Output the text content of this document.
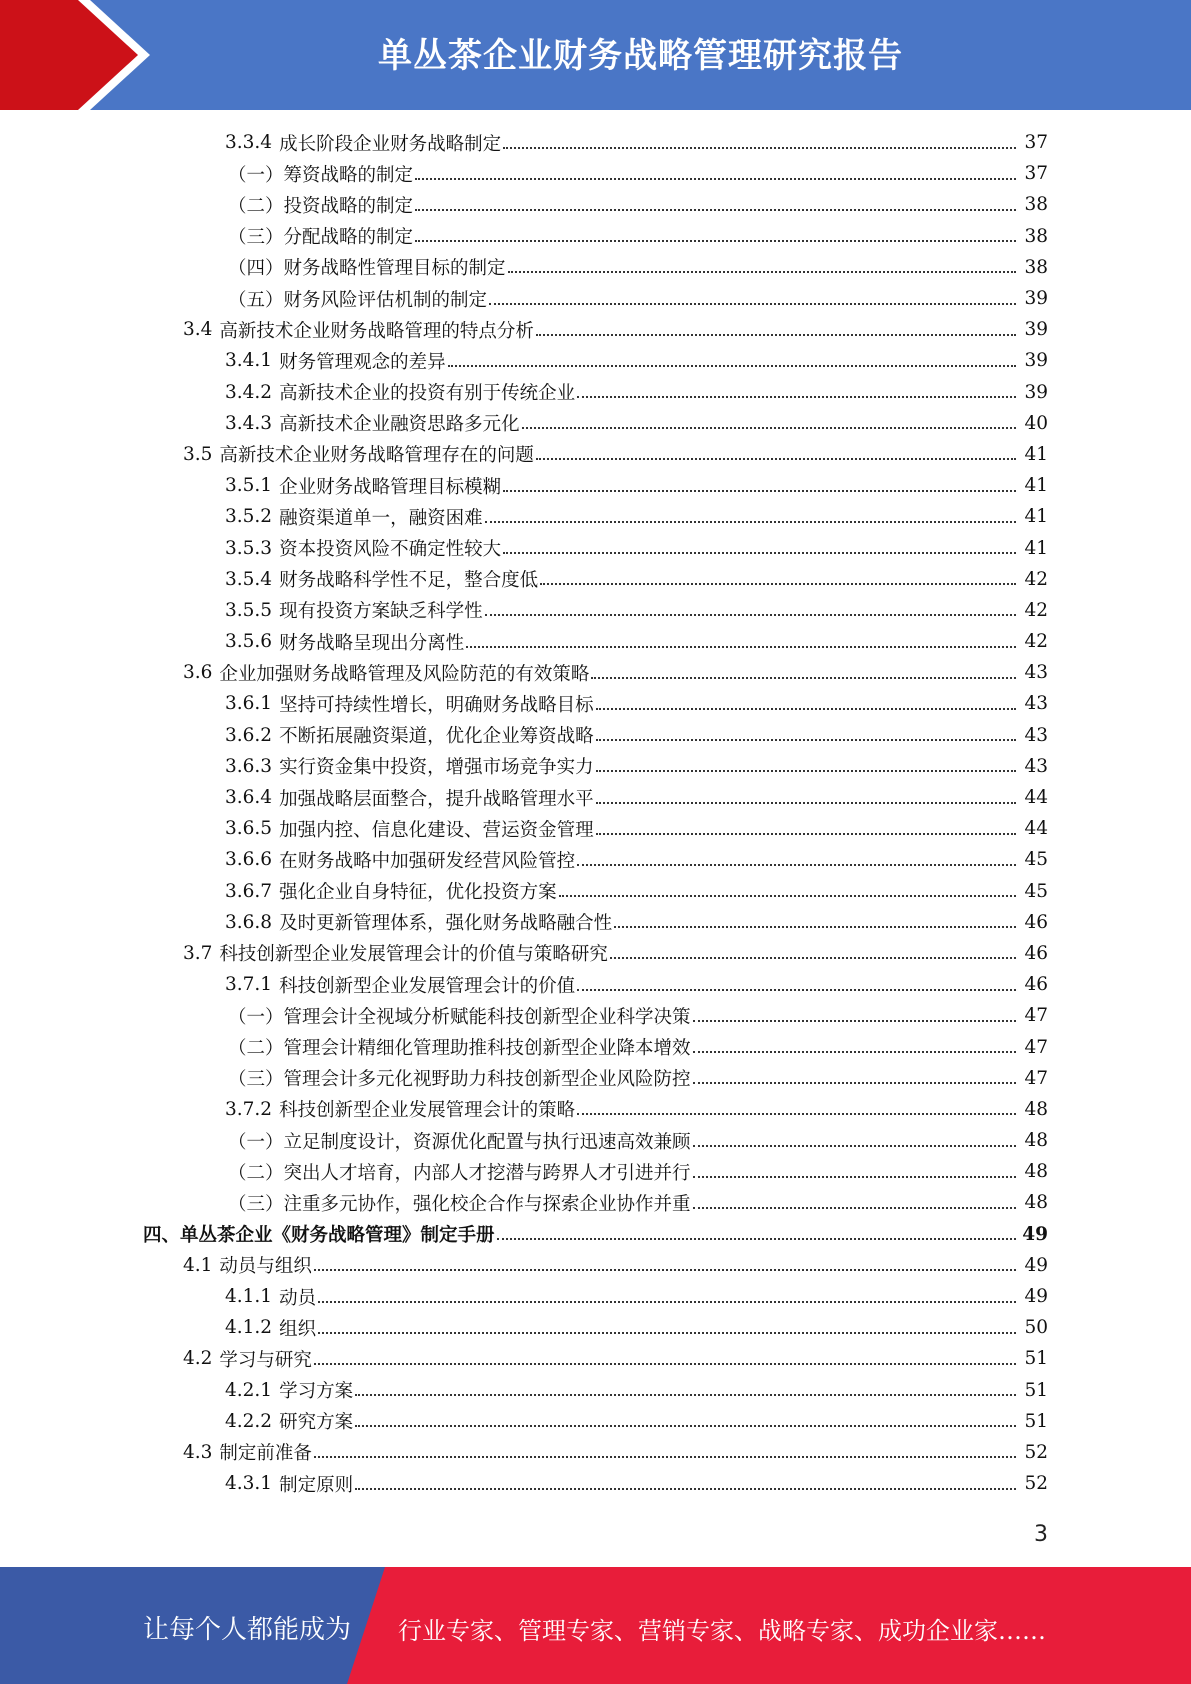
单丛茶企业财务战略管理研究报告
3.3.4 成长阶段企业财务战略制定	37
（一）筹资战略的制定	37
（二）投资战略的制定	38
（三）分配战略的制定	38
（四）财务战略性管理目标的制定	38
（五）财务风险评估机制的制定	39
3.4 高新技术企业财务战略管理的特点分析	39
3.4.1 财务管理观念的差异	39
3.4.2 高新技术企业的投资有别于传统企业	39
3.4.3 高新技术企业融资思路多元化	40
3.5 高新技术企业财务战略管理存在的问题	41
3.5.1 企业财务战略管理目标模糊	41
3.5.2 融资渠道单一，融资困难	41
3.5.3 资本投资风险不确定性较大	41
3.5.4 财务战略科学性不足，整合度低	42
3.5.5 现有投资方案缺乏科学性	42
3.5.6 财务战略呈现出分离性	42
3.6 企业加强财务战略管理及风险防范的有效策略	43
3.6.1 坚持可持续性增长，明确财务战略目标	43
3.6.2 不断拓展融资渠道，优化企业筹资战略	43
3.6.3 实行资金集中投资，增强市场竞争实力	43
3.6.4 加强战略层面整合，提升战略管理水平	44
3.6.5 加强内控、信息化建设、营运资金管理	44
3.6.6 在财务战略中加强研发经营风险管控	45
3.6.7 强化企业自身特征，优化投资方案	45
3.6.8 及时更新管理体系，强化财务战略融合性	46
3.7 科技创新型企业发展管理会计的价值与策略研究	46
3.7.1 科技创新型企业发展管理会计的价值	46
（一）管理会计全视域分析赋能科技创新型企业科学决策	47
（二）管理会计精细化管理助推科技创新型企业降本增效	47
（三）管理会计多元化视野助力科技创新型企业风险防控	47
3.7.2 科技创新型企业发展管理会计的策略	48
（一）立足制度设计，资源优化配置与执行迅速高效兼顾	48
（二）突出人才培育，内部人才挖潜与跨界人才引进并行	48
（三）注重多元协作，强化校企合作与探索企业协作并重	48
四、单丛茶企业《财务战略管理》制定手册	49
4.1 动员与组织	49
4.1.1 动员	49
4.1.2 组织	50
4.2 学习与研究	51
4.2.1 学习方案	51
4.2.2 研究方案	51
4.3 制定前准备	52
4.3.1 制定原则	52
3
让每个人都能成为 行业专家、管理专家、营销专家、战略专家、成功企业家……
